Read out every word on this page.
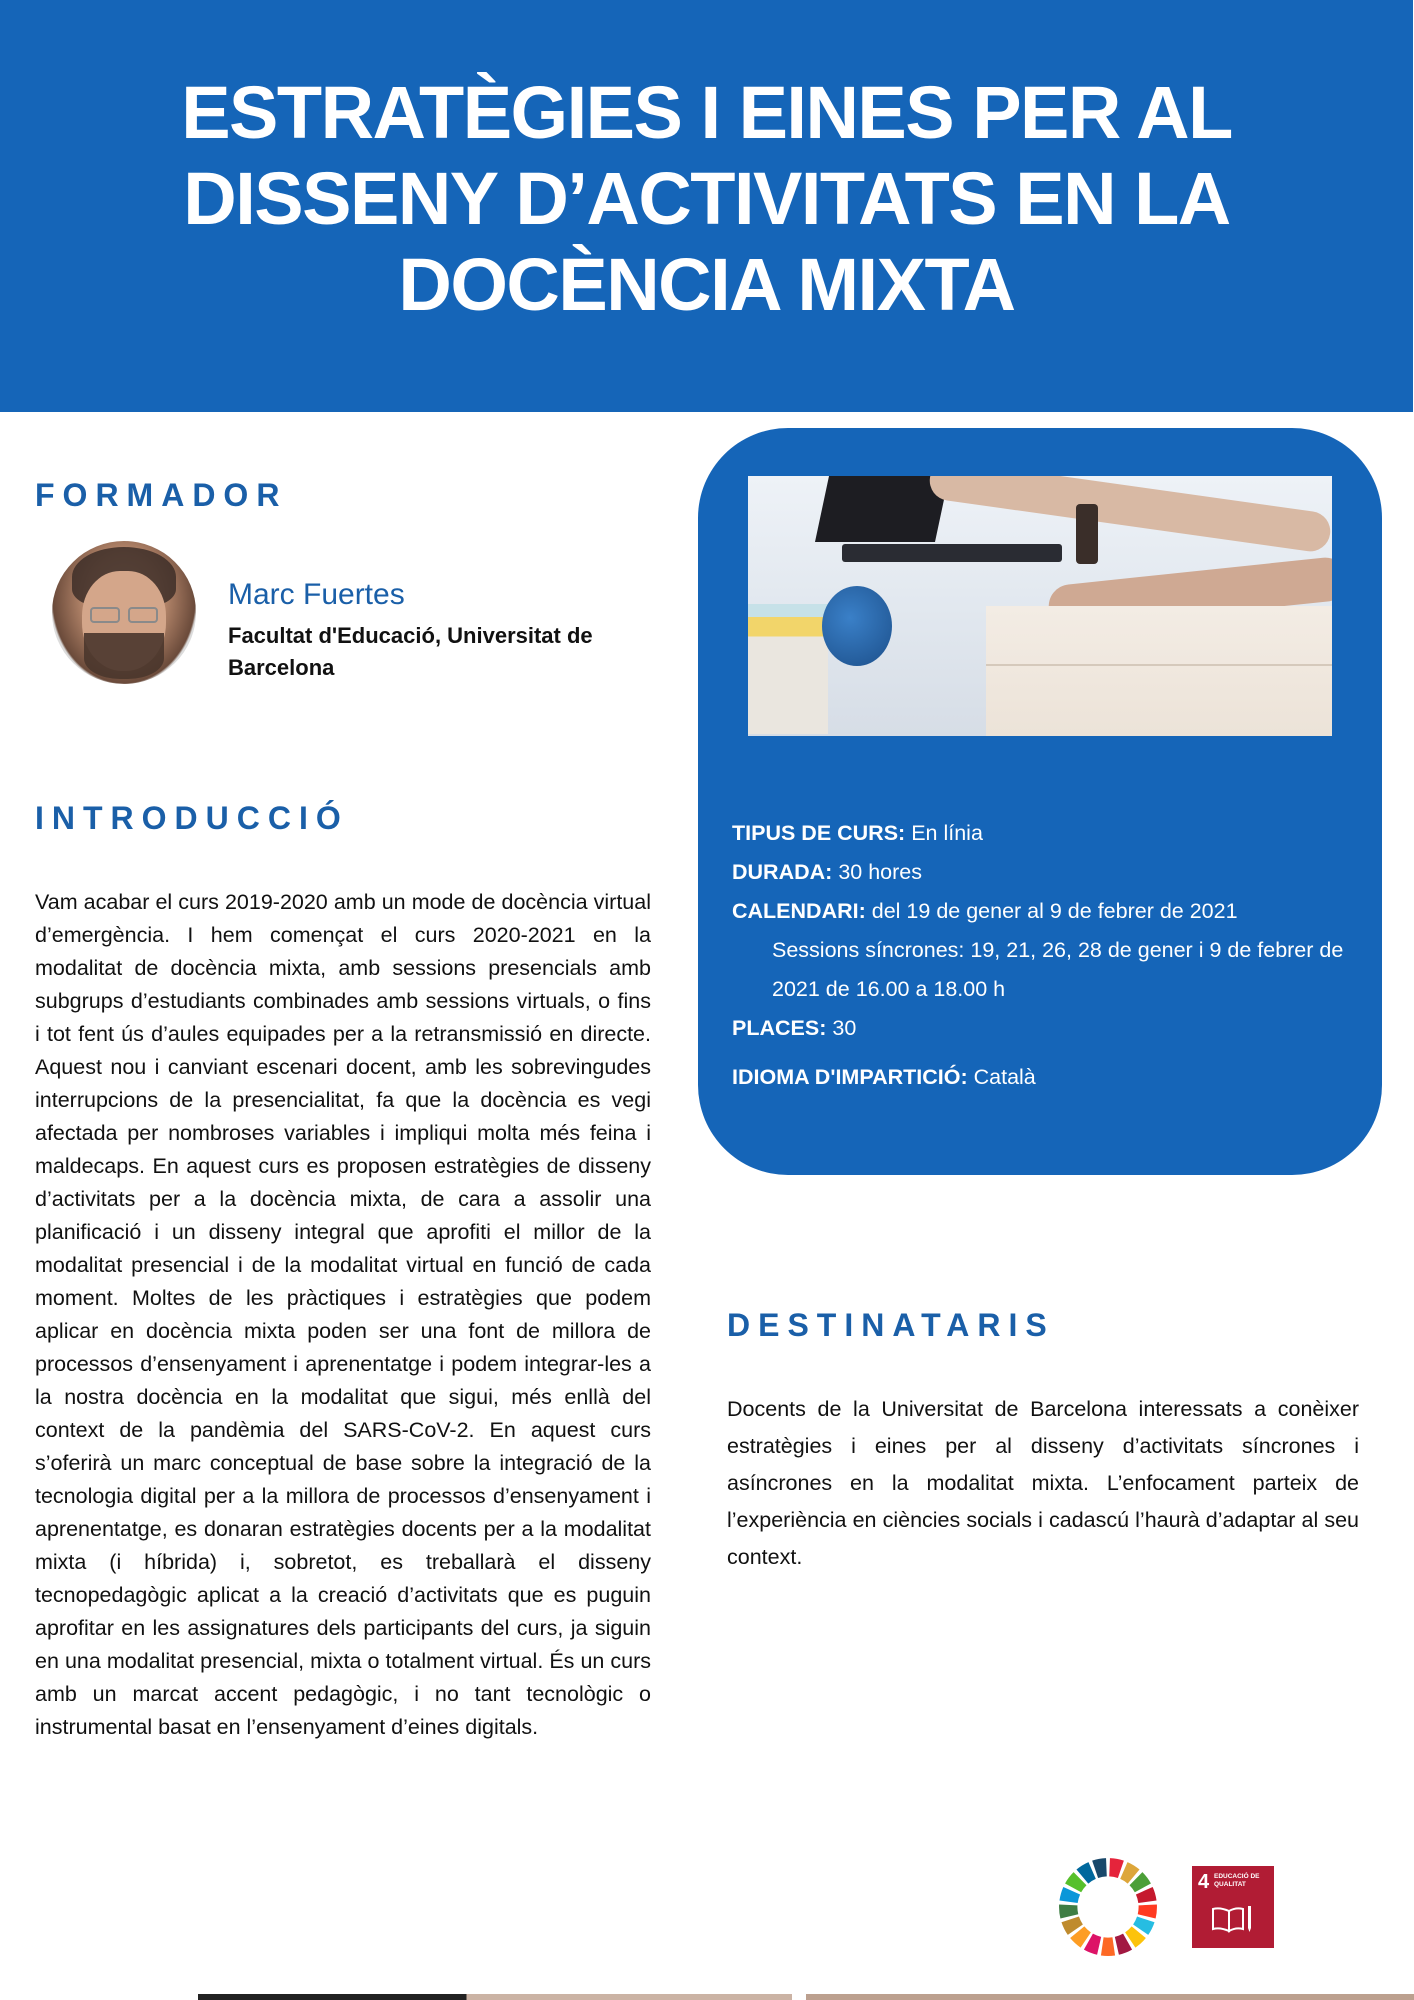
ESTRATÈGIES I EINES PER AL DISSENY D’ACTIVITATS EN LA DOCÈNCIA MIXTA
FORMADOR
Marc Fuertes
Facultat d'Educació, Universitat de Barcelona
INTRODUCCIÓ
Vam acabar el curs 2019-2020 amb un mode de docència virtual d’emergència. I hem començat el curs 2020-2021 en la modalitat de docència mixta, amb sessions presencials amb subgrups d’estudiants combinades amb sessions virtuals, o fins i tot fent ús d’aules equipades per a la retransmissió en directe. Aquest nou i canviant escenari docent, amb les sobrevingudes interrupcions de la presencialitat, fa que la docència es vegi afectada per nombroses variables i impliqui molta més feina i maldecaps. En aquest curs es proposen estratègies de disseny d’activitats per a la docència mixta, de cara a assolir una planificació i un disseny integral que aprofiti el millor de la modalitat presencial i de la modalitat virtual en funció de cada moment. Moltes de les pràctiques i estratègies que podem aplicar en docència mixta poden ser una font de millora de processos d’ensenyament i aprenentatge i podem integrar-les a la nostra docència en la modalitat que sigui, més enllà del context de la pandèmia del SARS-CoV-2. En aquest curs s’oferirà un marc conceptual de base sobre la integració de la tecnologia digital per a la millora de processos d’ensenyament i aprenentatge, es donaran estratègies docents per a la modalitat mixta (i híbrida) i, sobretot, es treballarà el disseny tecnopedagògic aplicat a la creació d’activitats que es puguin aprofitar en les assignatures dels participants del curs, ja siguin en una modalitat presencial, mixta o totalment virtual. És un curs amb un marcat accent pedagògic, i no tant tecnològic o instrumental basat en l’ensenyament d’eines digitals.
TIPUS DE CURS: En línia
DURADA: 30 hores
CALENDARI: del 19 de gener al 9 de febrer de 2021
Sessions síncrones: 19, 21, 26, 28 de gener i 9 de febrer de 2021 de 16.00 a 18.00 h
PLACES: 30
IDIOMA D'IMPARTICIÓ: Català
DESTINATARIS
Docents de la Universitat de Barcelona interessats a conèixer estratègies i eines per al disseny d’activitats síncrones i asíncrones en la modalitat mixta. L’enfocament parteix de l’experiència en ciències socials i cadascú l’haurà d’adaptar al seu context.
4 EDUCACIÓ DE QUALITAT
